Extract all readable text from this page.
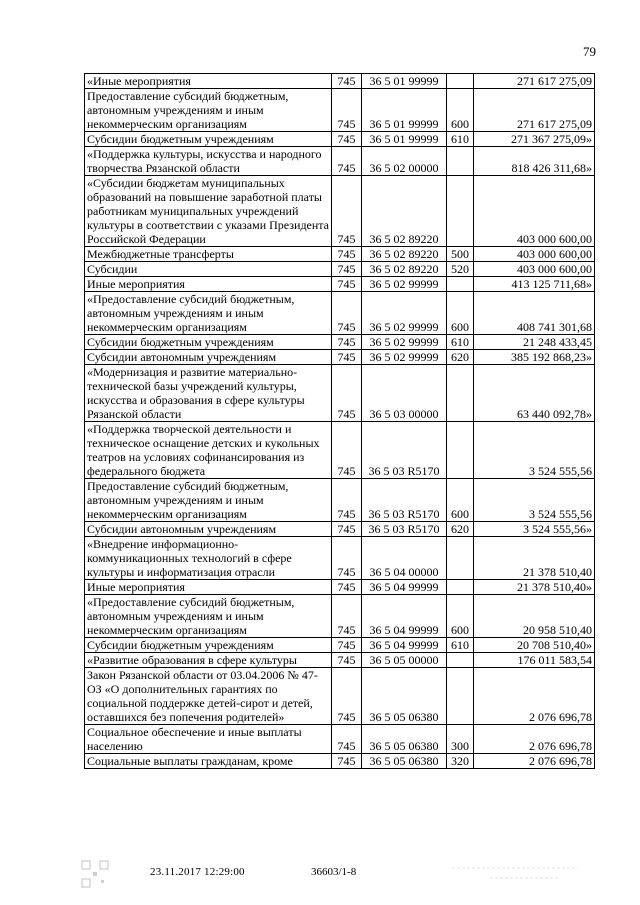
79
«Иные мероприятия	745	36 5 01 99999		271 617 275,09
Предоставление субсидий бюджетным, автономным учреждениям и иным некоммерческим организациям	745	36 5 01 99999	600	271 617 275,09
Субсидии бюджетным учреждениям	745	36 5 01 99999	610	271 367 275,09»
«Поддержка культуры, искусства и народного творчества Рязанской области	745	36 5 02 00000		818 426 311,68»
«Субсидии бюджетам муниципальных образований на повышение заработной платы работникам муниципальных учреждений культуры в соответствии с указами Президента Российской Федерации	745	36 5 02 89220		403 000 600,00
Межбюджетные трансферты	745	36 5 02 89220	500	403 000 600,00
Субсидии	745	36 5 02 89220	520	403 000 600,00
Иные мероприятия	745	36 5 02 99999		413 125 711,68»
«Предоставление субсидий бюджетным, автономным учреждениям и иным некоммерческим организациям	745	36 5 02 99999	600	408 741 301,68
Субсидии бюджетным учреждениям	745	36 5 02 99999	610	21 248 433,45
Субсидии автономным учреждениям	745	36 5 02 99999	620	385 192 868,23»
«Модернизация и развитие материально-технической базы учреждений культуры, искусства и образования в сфере культуры Рязанской области	745	36 5 03 00000		63 440 092,78»
«Поддержка творческой деятельности и техническое оснащение детских и кукольных театров на условиях софинансирования из федерального бюджета	745	36 5 03 R5170		3 524 555,56
Предоставление субсидий бюджетным, автономным учреждениям и иным некоммерческим организациям	745	36 5 03 R5170	600	3 524 555,56
Субсидии автономным учреждениям	745	36 5 03 R5170	620	3 524 555,56»
«Внедрение информационно-коммуникационных технологий в сфере культуры и информатизация отрасли	745	36 5 04 00000		21 378 510,40
Иные мероприятия	745	36 5 04 99999		21 378 510,40»
«Предоставление субсидий бюджетным, автономным учреждениям и иным некоммерческим организациям	745	36 5 04 99999	600	20 958 510,40
Субсидии бюджетным учреждениям	745	36 5 04 99999	610	20 708 510,40»
«Развитие образования в сфере культуры	745	36 5 05 00000		176 011 583,54
Закон Рязанской области от 03.04.2006 № 47-ОЗ «О дополнительных гарантиях по социальной поддержке детей-сирот и детей, оставшихся без попечения родителей»	745	36 5 05 06380		2 076 696,78
Социальное обеспечение и иные выплаты населению	745	36 5 05 06380	300	2 076 696,78
Социальные выплаты гражданам, кроме	745	36 5 05 06380	320	2 076 696,78
23.11.2017 12:29:00	36603/1-8
